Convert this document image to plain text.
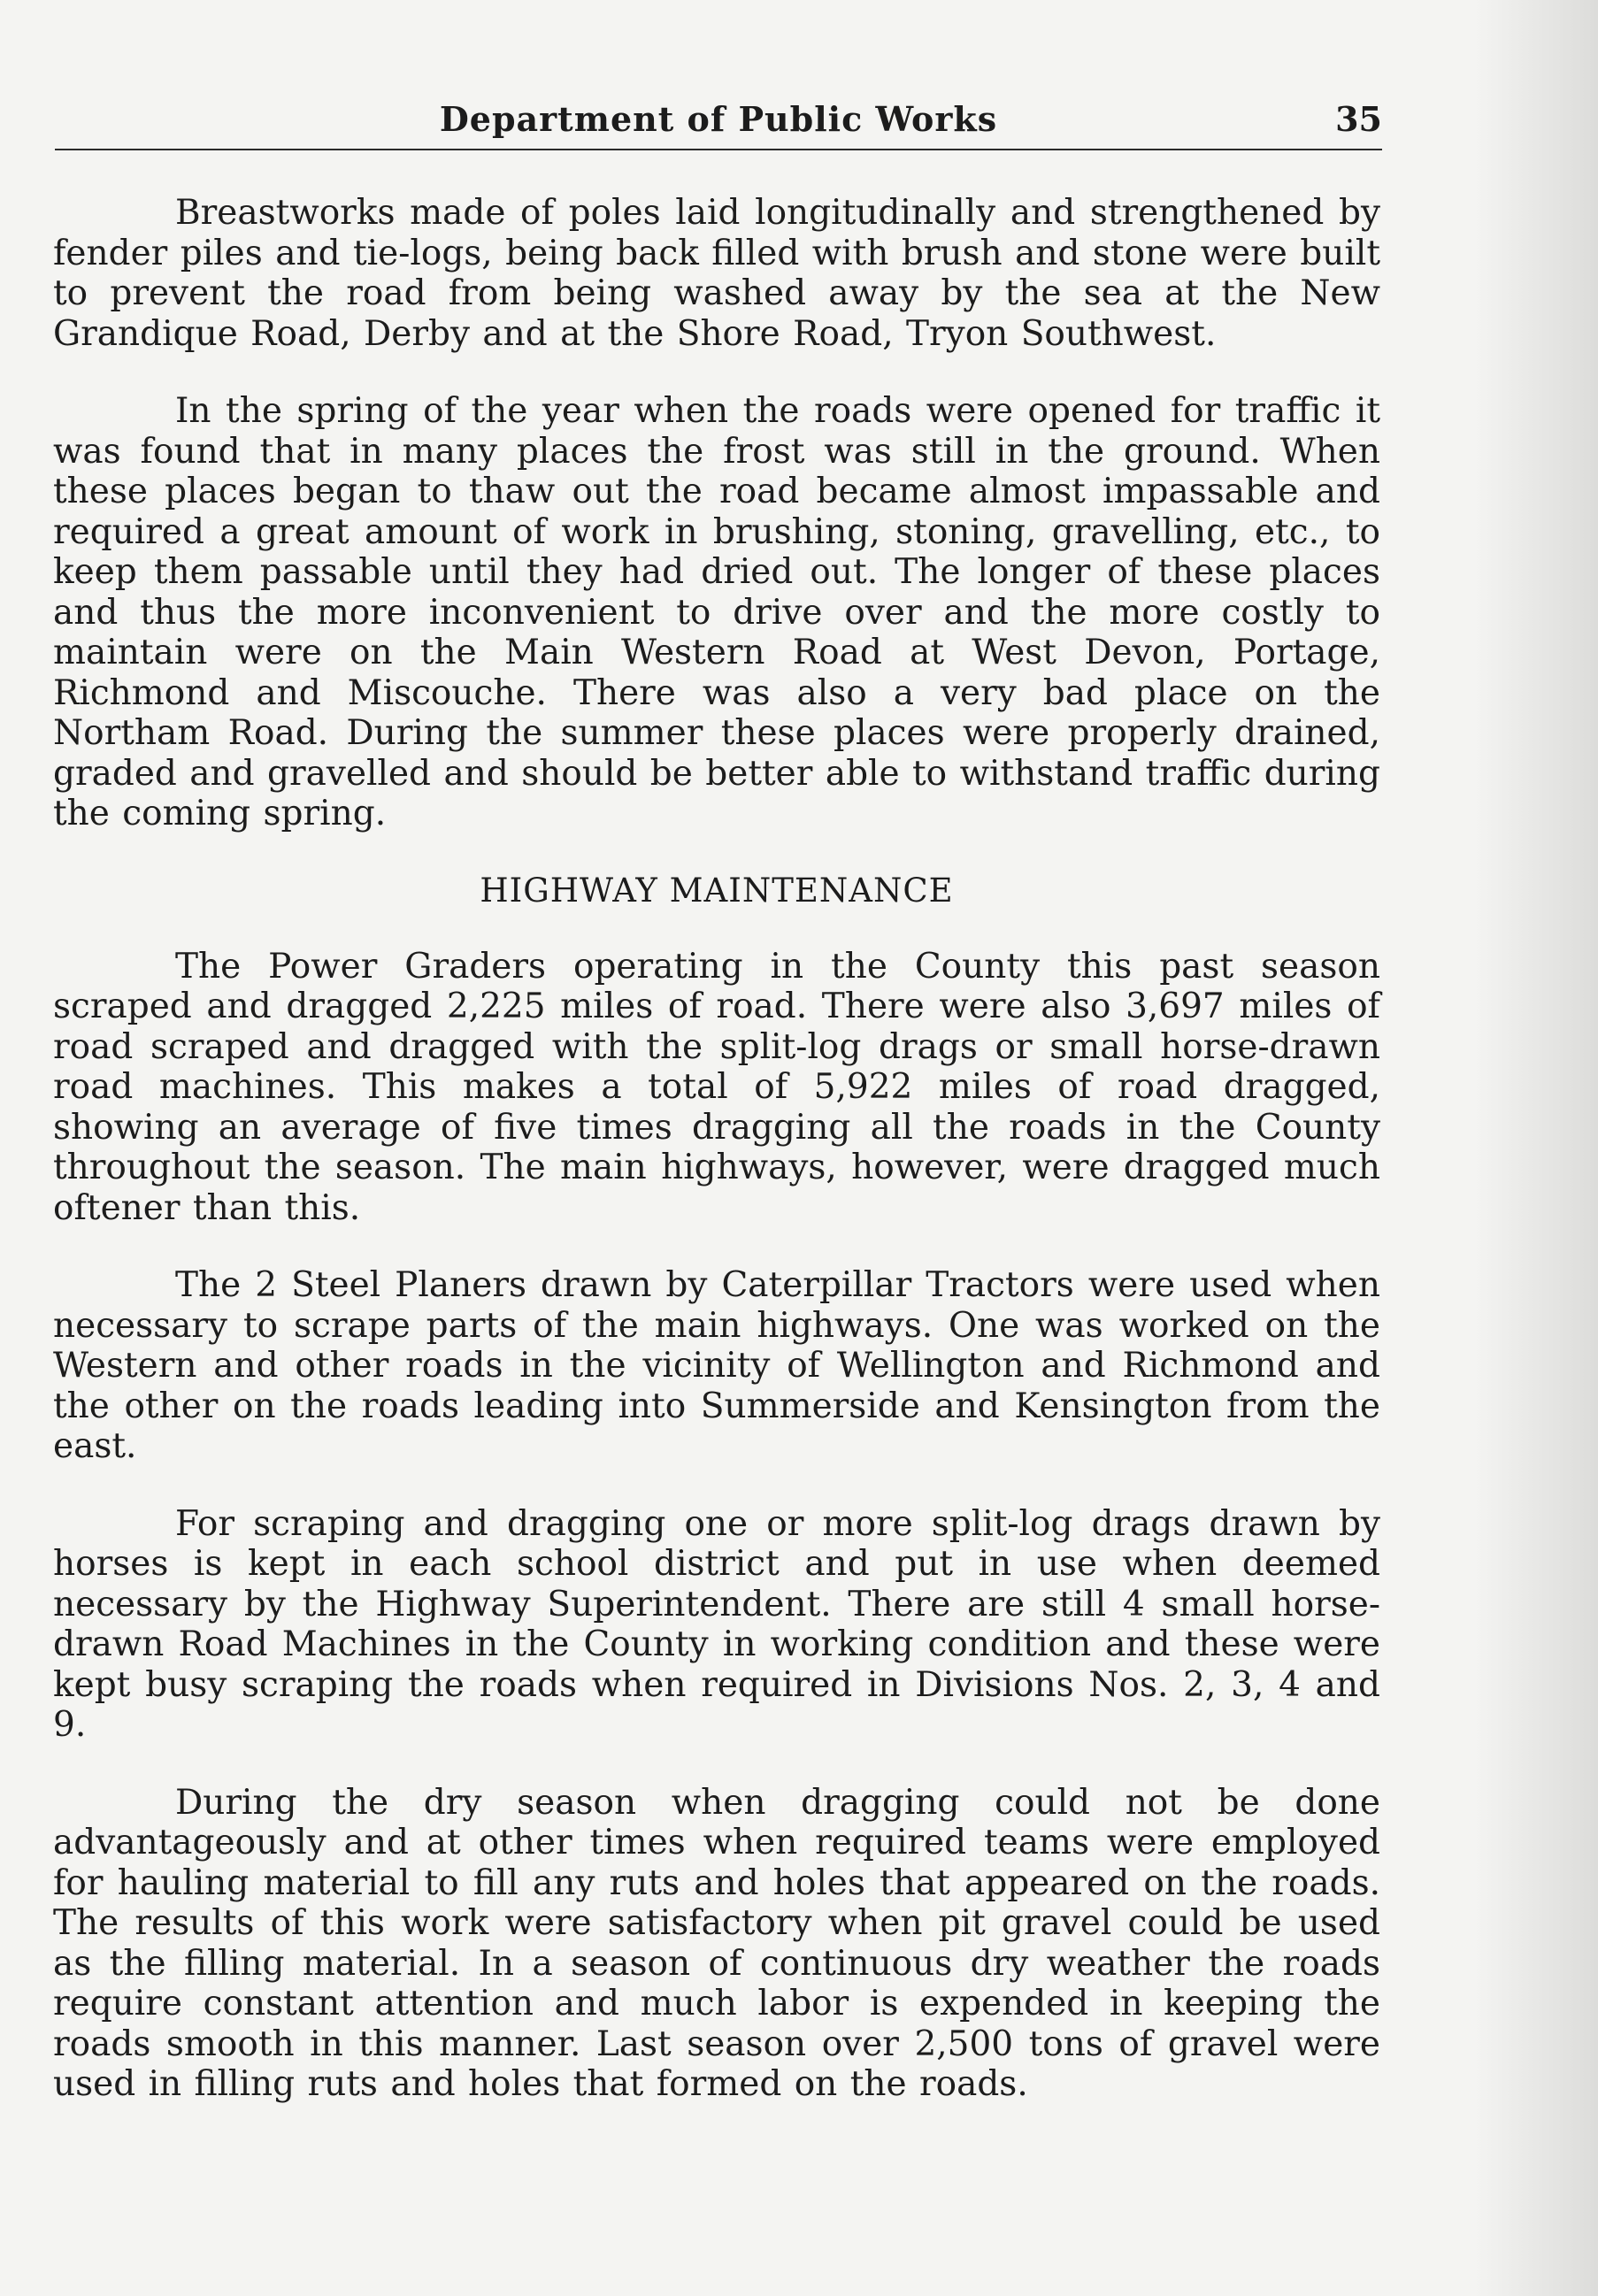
Department of Public Works	35

Breastworks made of poles laid longitudinally and strengthened by fender piles and tie-logs, being back filled with brush and stone were built to prevent the road from being washed away by the sea at the New Grandique Road, Derby and at the Shore Road, Tryon Southwest.

In the spring of the year when the roads were opened for traffic it was found that in many places the frost was still in the ground. When these places began to thaw out the road became almost impassable and required a great amount of work in brushing, stoning, gravelling, etc., to keep them passable until they had dried out. The longer of these places and thus the more inconvenient to drive over and the more costly to maintain were on the Main Western Road at West Devon, Portage, Richmond and Miscouche. There was also a very bad place on the Northam Road. During the summer these places were properly drained, graded and gravelled and should be better able to withstand traffic during the coming spring.

HIGHWAY MAINTENANCE

The Power Graders operating in the County this past season scraped and dragged 2,225 miles of road. There were also 3,697 miles of road scraped and dragged with the split-log drags or small horse-drawn road machines. This makes a total of 5,922 miles of road dragged, showing an average of five times dragging all the roads in the County throughout the season. The main highways, however, were dragged much oftener than this.

The 2 Steel Planers drawn by Caterpillar Tractors were used when necessary to scrape parts of the main highways. One was worked on the Western and other roads in the vicinity of Wellington and Richmond and the other on the roads leading into Summerside and Kensington from the east.

For scraping and dragging one or more split-log drags drawn by horses is kept in each school district and put in use when deemed necessary by the Highway Superintendent. There are still 4 small horse-drawn Road Machines in the County in working condition and these were kept busy scraping the roads when required in Divisions Nos. 2, 3, 4 and 9.

During the dry season when dragging could not be done advantageously and at other times when required teams were employed for hauling material to fill any ruts and holes that appeared on the roads. The results of this work were satisfactory when pit gravel could be used as the filling material. In a season of continuous dry weather the roads require constant attention and much labor is expended in keeping the roads smooth in this manner. Last season over 2,500 tons of gravel were used in filling ruts and holes that formed on the roads.
